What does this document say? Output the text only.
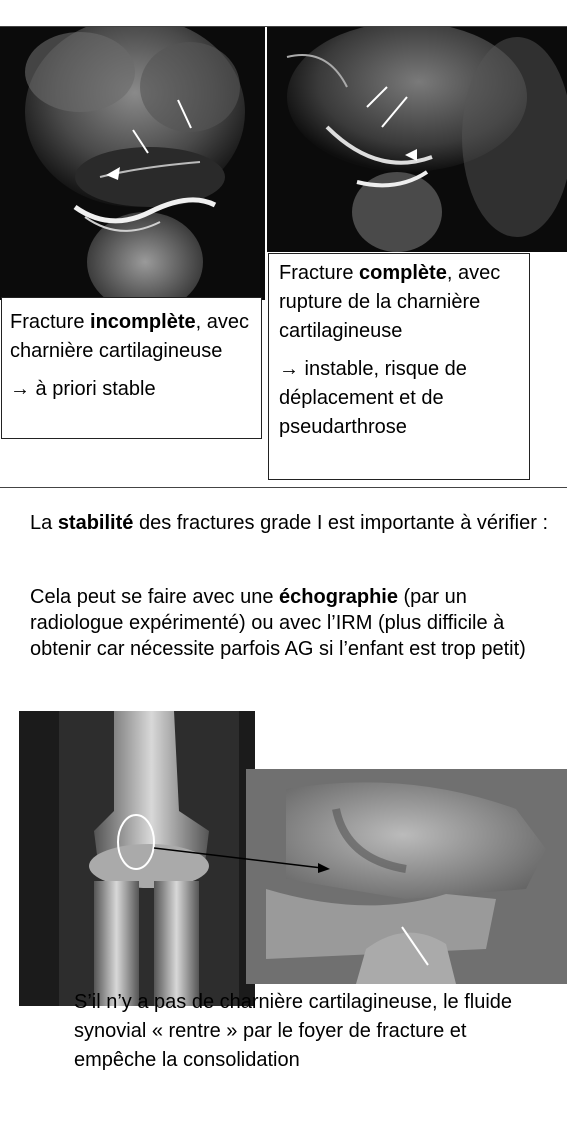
Fracture incomplète, avec charnière cartilagineuse

→ à priori stable

Fracture complète, avec rupture de la charnière cartilagineuse

→ instable, risque de déplacement et de pseudarthrose

La stabilité des fractures grade I est importante à vérifier :

Cela peut se faire avec une échographie (par un radiologue expérimenté) ou avec l’IRM (plus difficile à obtenir car nécessite parfois AG si l’enfant est trop petit)

S’il n’y a pas de charnière cartilagineuse, le fluide synovial « rentre » par le foyer de fracture et empêche la consolidation
